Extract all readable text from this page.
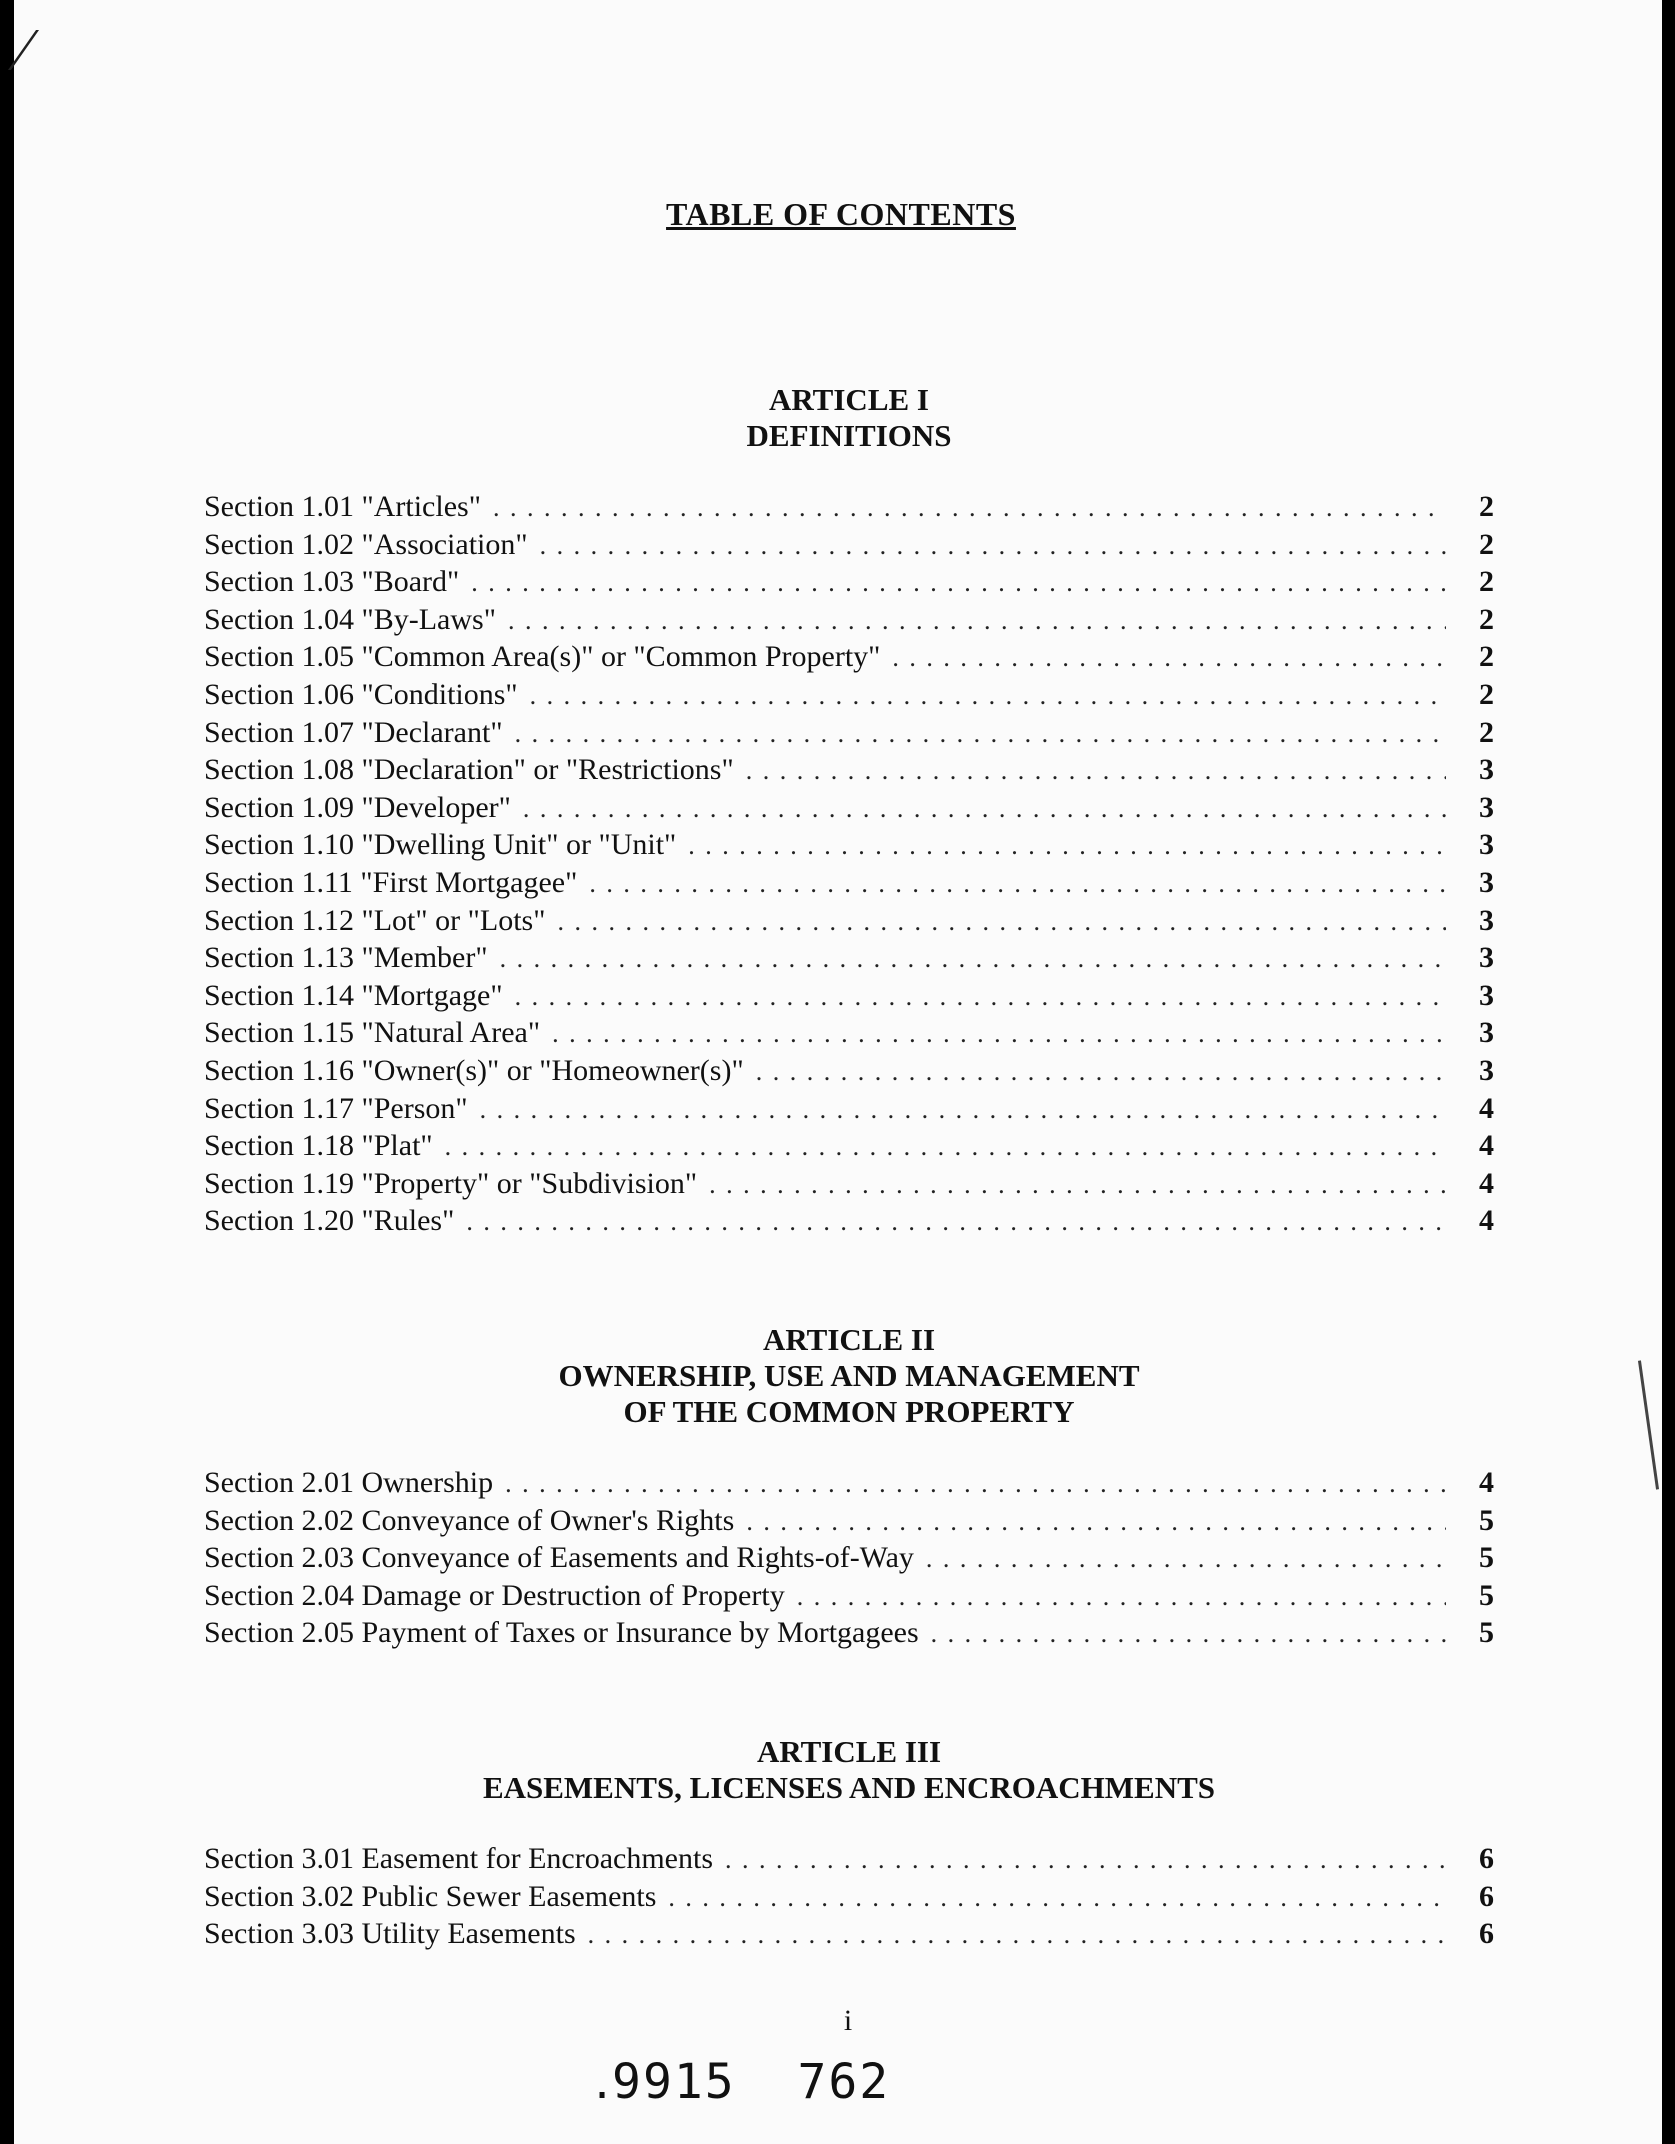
TABLE OF CONTENTS
ARTICLE I
DEFINITIONS
Section 1.01 "Articles" . . .	2
Section 1.02 "Association" . . .	2
Section 1.03 "Board" . . .	2
Section 1.04 "By-Laws" . . .	2
Section 1.05 "Common Area(s)" or "Common Property" . . .	2
Section 1.06 "Conditions" . . .	2
Section 1.07 "Declarant" . . .	2
Section 1.08 "Declaration" or "Restrictions" . . .	3
Section 1.09 "Developer" . . .	3
Section 1.10 "Dwelling Unit" or "Unit" . . .	3
Section 1.11 "First Mortgagee" . . .	3
Section 1.12 "Lot" or "Lots" . . .	3
Section 1.13 "Member" . . .	3
Section 1.14 "Mortgage" . . .	3
Section 1.15 "Natural Area" . . .	3
Section 1.16 "Owner(s)" or "Homeowner(s)" . . .	3
Section 1.17 "Person" . . .	4
Section 1.18 "Plat" . . .	4
Section 1.19 "Property" or "Subdivision" . . .	4
Section 1.20 "Rules" . . .	4
ARTICLE II
OWNERSHIP, USE AND MANAGEMENT
OF THE COMMON PROPERTY
Section 2.01 Ownership . . .	4
Section 2.02 Conveyance of Owner's Rights . . .	5
Section 2.03 Conveyance of Easements and Rights-of-Way . . .	5
Section 2.04 Damage or Destruction of Property . . .	5
Section 2.05 Payment of Taxes or Insurance by Mortgagees . . .	5
ARTICLE III
EASEMENTS, LICENSES AND ENCROACHMENTS
Section 3.01 Easement for Encroachments . . .	6
Section 3.02 Public Sewer Easements . . .	6
Section 3.03 Utility Easements . . .	6
i
․9915  762
